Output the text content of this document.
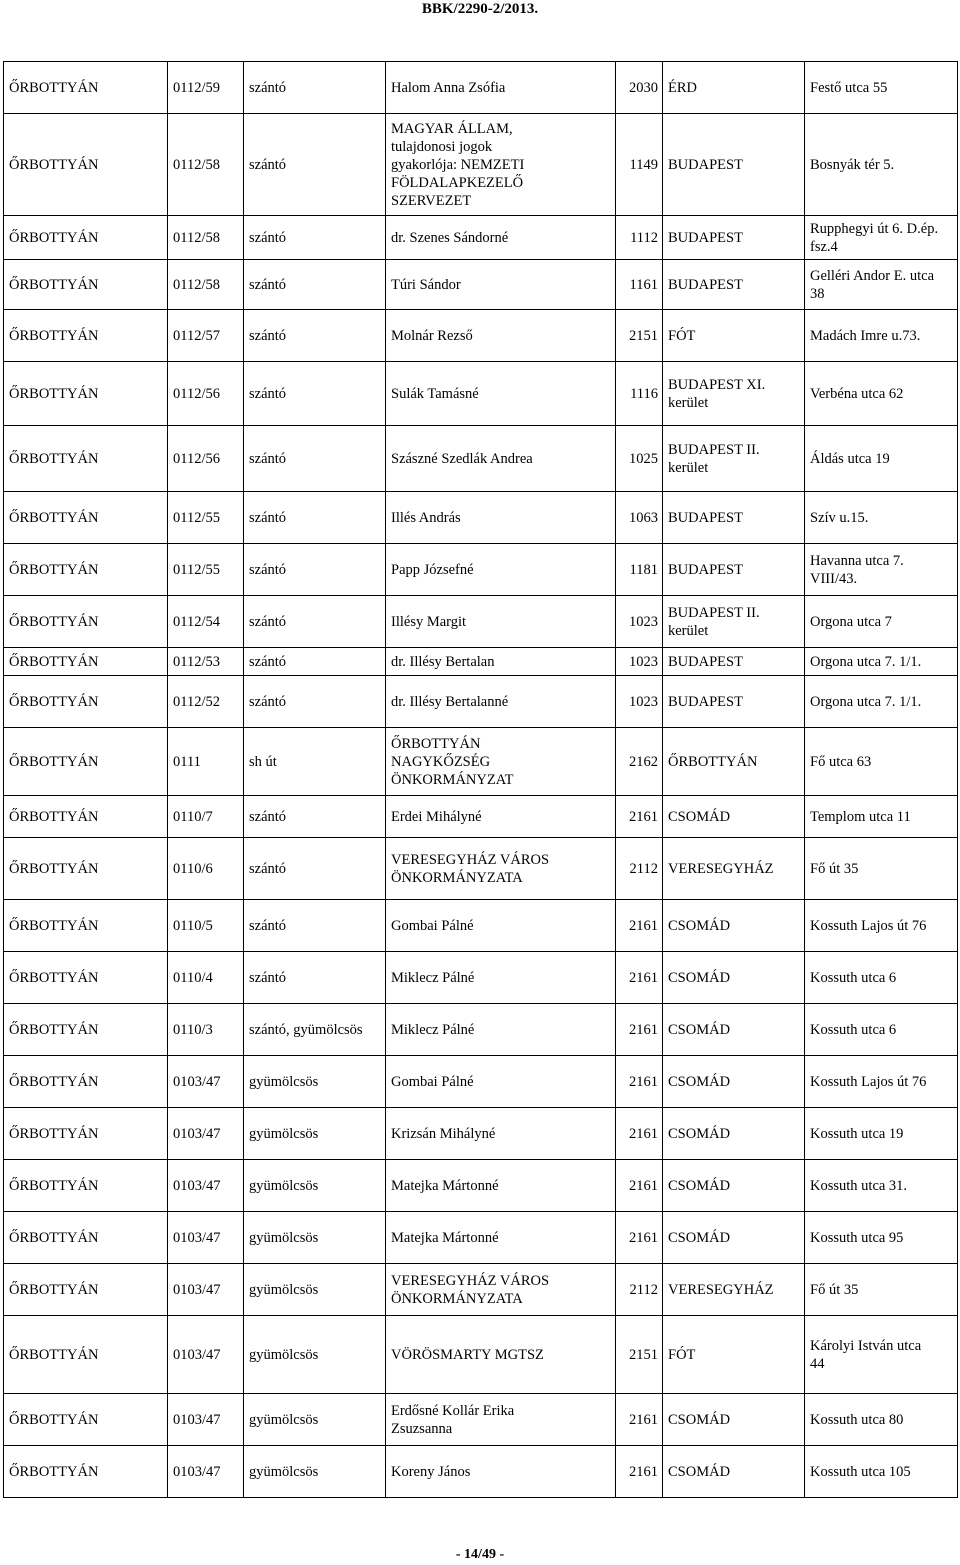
BBK/2290-2/2013.
ŐRBOTTYÁN	0112/59	szántó	Halom Anna Zsófia	2030	ÉRD	Festő utca 55
ŐRBOTTYÁN	0112/58	szántó	MAGYAR ÁLLAM,
tulajdonosi jogok
gyakorlója: NEMZETI
FÖLDALAPKEZELŐ
SZERVEZET	1149	BUDAPEST	Bosnyák tér 5.
ŐRBOTTYÁN	0112/58	szántó	dr. Szenes Sándorné	1112	BUDAPEST	Rupphegyi út 6. D.ép.
fsz.4
ŐRBOTTYÁN	0112/58	szántó	Túri Sándor	1161	BUDAPEST	Gelléri Andor E. utca
38
ŐRBOTTYÁN	0112/57	szántó	Molnár Rezső	2151	FÓT	Madách Imre u.73.
ŐRBOTTYÁN	0112/56	szántó	Sulák Tamásné	1116	BUDAPEST XI.
kerület	Verbéna utca 62
ŐRBOTTYÁN	0112/56	szántó	Szászné Szedlák Andrea	1025	BUDAPEST II.
kerület	Áldás utca 19
ŐRBOTTYÁN	0112/55	szántó	Illés András	1063	BUDAPEST	Szív u.15.
ŐRBOTTYÁN	0112/55	szántó	Papp Józsefné	1181	BUDAPEST	Havanna utca 7.
VIII/43.
ŐRBOTTYÁN	0112/54	szántó	Illésy Margit	1023	BUDAPEST II.
kerület	Orgona utca 7
ŐRBOTTYÁN	0112/53	szántó	dr. Illésy Bertalan	1023	BUDAPEST	Orgona utca 7. 1/1.
ŐRBOTTYÁN	0112/52	szántó	dr. Illésy Bertalanné	1023	BUDAPEST	Orgona utca 7. 1/1.
ŐRBOTTYÁN	0111	sh út	ŐRBOTTYÁN
NAGYKŐZSÉG
ÖNKORMÁNYZAT	2162	ŐRBOTTYÁN	Fő utca 63
ŐRBOTTYÁN	0110/7	szántó	Erdei Mihályné	2161	CSOMÁD	Templom utca 11
ŐRBOTTYÁN	0110/6	szántó	VERESEGYHÁZ VÁROS
ÖNKORMÁNYZATA	2112	VERESEGYHÁZ	Fő út 35
ŐRBOTTYÁN	0110/5	szántó	Gombai Pálné	2161	CSOMÁD	Kossuth Lajos út 76
ŐRBOTTYÁN	0110/4	szántó	Miklecz Pálné	2161	CSOMÁD	Kossuth utca 6
ŐRBOTTYÁN	0110/3	szántó, gyümölcsös	Miklecz Pálné	2161	CSOMÁD	Kossuth utca 6
ŐRBOTTYÁN	0103/47	gyümölcsös	Gombai Pálné	2161	CSOMÁD	Kossuth Lajos út 76
ŐRBOTTYÁN	0103/47	gyümölcsös	Krizsán Mihályné	2161	CSOMÁD	Kossuth utca 19
ŐRBOTTYÁN	0103/47	gyümölcsös	Matejka Mártonné	2161	CSOMÁD	Kossuth utca 31.
ŐRBOTTYÁN	0103/47	gyümölcsös	Matejka Mártonné	2161	CSOMÁD	Kossuth utca 95
ŐRBOTTYÁN	0103/47	gyümölcsös	VERESEGYHÁZ VÁROS
ÖNKORMÁNYZATA	2112	VERESEGYHÁZ	Fő út 35
ŐRBOTTYÁN	0103/47	gyümölcsös	VÖRÖSMARTY MGTSZ	2151	FÓT	Károlyi István utca
44
ŐRBOTTYÁN	0103/47	gyümölcsös	Erdősné Kollár Erika
Zsuzsanna	2161	CSOMÁD	Kossuth utca 80
ŐRBOTTYÁN	0103/47	gyümölcsös	Koreny János	2161	CSOMÁD	Kossuth utca 105
- 14/49 -
